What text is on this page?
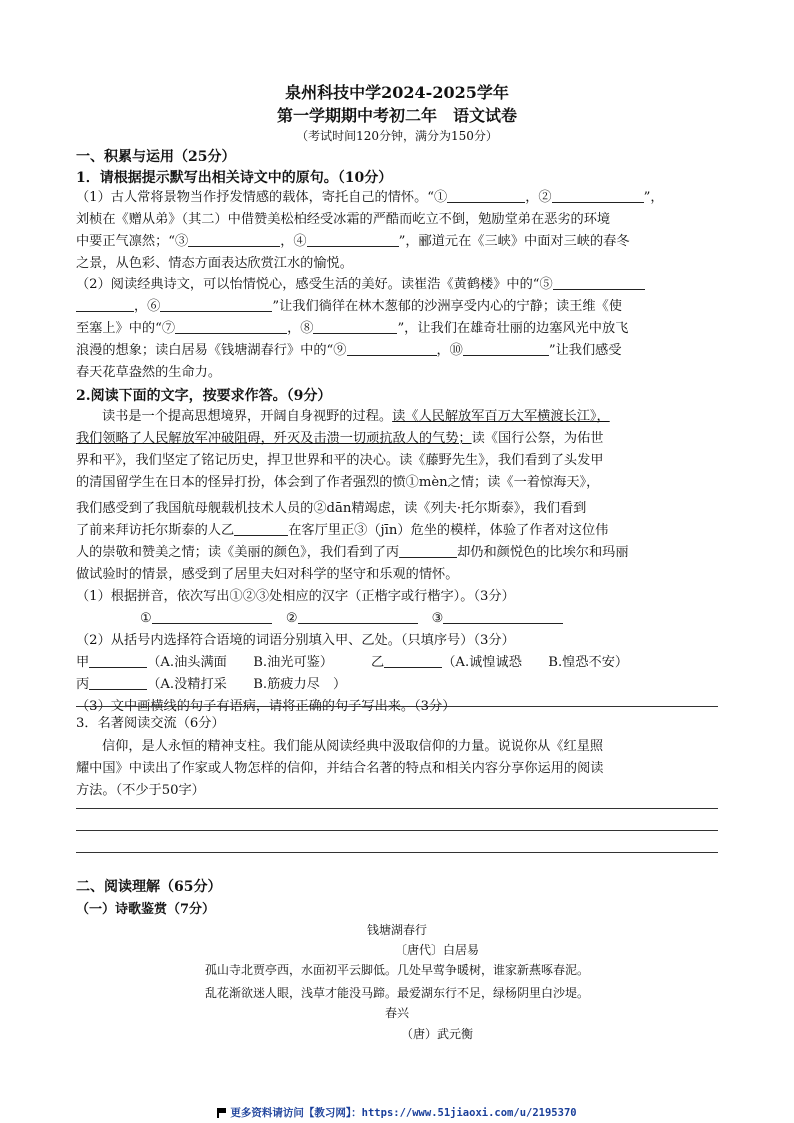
泉州科技中学2024-2025学年
第一学期期中考初二年　语文试卷
（考试时间120分钟，满分为150分）
一、积累与运用（25分）
1．请根据提示默写出相关诗文中的原句。（10分）
（1）古人常将景物当作抒发情感的载体，寄托自己的情怀。“①	，②	”，
刘桢在《赠从弟》（其二）中借赞美松柏经受冰霜的严酷而屹立不倒，勉励堂弟在恶劣的环境
中要正气凛然；“③	，④	”，郦道元在《三峡》中面对三峡的春冬
之景，从色彩、情态方面表达欣赏江水的愉悦。
（2）阅读经典诗文，可以怡情悦心，感受生活的美好。读崔浩《黄鹤楼》中的“⑤
，⑥	”让我们徜徉在林木葱郁的沙洲享受内心的宁静；读王维《使
至塞上》中的“⑦	，⑧	”，让我们在雄奇壮丽的边塞风光中放飞
浪漫的想象；读白居易《钱塘湖春行》中的“⑨	，⑩	”让我们感受
春天花草盎然的生命力。
2.阅读下面的文字，按要求作答。（9分）
读书是一个提高思想境界，开阔自身视野的过程。读《人民解放军百万大军横渡长江》，
我们领略了人民解放军冲破阻碍，歼灭及击溃一切顽抗敌人的气势；读《国行公祭，为佑世
界和平》，我们坚定了铭记历史，捍卫世界和平的决心。读《藤野先生》，我们看到了头发甲
的清国留学生在日本的怪异打扮，体会到了作者强烈的愤①mèn之情；读《一着惊海天》，
我们感受到了我国航母舰载机技术人员的②dān精竭虑，读《列夫·托尔斯泰》，我们看到
了前来拜访托尔斯泰的人乙	在客厅里正③（jīn）危坐的模样，体验了作者对这位伟
人的崇敬和赞美之情；读《美丽的颜色》，我们看到了丙	却仍和颜悦色的比埃尔和玛丽
做试验时的情景，感受到了居里夫妇对科学的坚守和乐观的情怀。
（1）根据拼音，依次写出①②③处相应的汉字（正楷字或行楷字）。（3分）
①	②	③
（2）从括号内选择符合语境的词语分别填入甲、乙处。（只填序号）（3分）
甲	（A.油头满面　　B.油光可鉴）	乙	（A.诚惶诚恐　　B.惶恐不安）
丙	（A.没精打采　　B.筋疲力尽　）
（3）文中画横线的句子有语病，请将正确的句子写出来。（3分）
3．名著阅读交流（6分）
信仰，是人永恒的精神支柱。我们能从阅读经典中汲取信仰的力量。说说你从《红星照
耀中国》中读出了作家或人物怎样的信仰，并结合名著的特点和相关内容分享你运用的阅读
方法。（不少于50字）
二、阅读理解（65分）
（一）诗歌鉴赏（7分）
钱塘湖春行
〔唐代〕白居易
孤山寺北贾亭西，水面初平云脚低。几处早莺争暖树，谁家新燕啄春泥。
乱花渐欲迷人眼，浅草才能没马蹄。最爱湖东行不足，绿杨阴里白沙堤。
春兴
（唐）武元衡
更多资料请访问【教习网】：https://www.51jiaoxi.com/u/2195370
